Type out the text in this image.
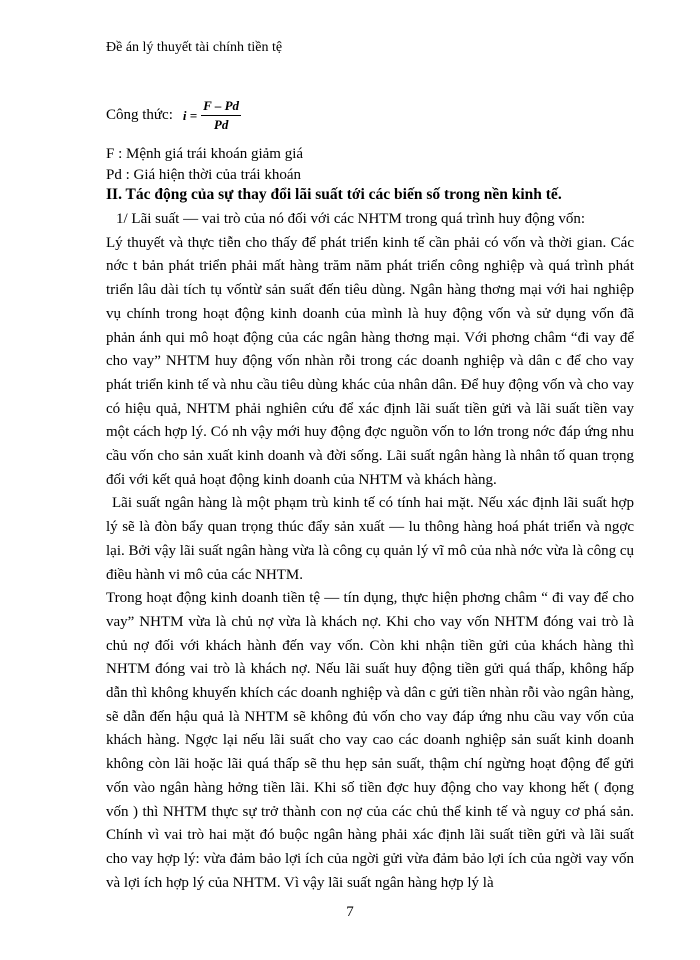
Đề án lý thuyết tài chính tiền tệ
Công thức: $i = \frac{F - Pd}{Pd}$
F : Mệnh giá trái khoán giảm giá
Pd : Giá hiện thời của trái khoán
II. Tác động của sự thay đổi lãi suất tới các biến số trong nền kinh tế.

1/ Lãi suất — vai trò của nó đối với các NHTM trong quá trình huy động vốn:

Lý thuyết và thực tiễn cho thấy để phát triển kinh tế cần phải có vốn và thời gian. Các nớc t bản phát triển phải mất hàng trăm năm phát triển công nghiệp và quá trình phát triển lâu dài tích tụ vốntừ sản suất đến tiêu dùng. Ngân hàng thơng mại với hai nghiệp vụ chính trong hoạt động kinh doanh của mình là huy động vốn và sử dụng vốn đã phản ánh qui mô hoạt động của các ngân hàng thơng mại. Với phơng châm “đi vay để cho vay” NHTM huy động vốn nhàn rỗi trong các doanh nghiệp và dân c để cho vay phát triển kinh tế và nhu cầu tiêu dùng khác của nhân dân. Để huy động vốn và cho vay có hiệu quả, NHTM phải nghiên cứu để xác định lãi suất tiền gửi và lãi suất tiền vay một cách hợp lý. Có nh vậy mới huy động đợc nguồn vốn to lớn trong nớc đáp ứng nhu cầu vốn cho sản xuất kinh doanh và đời sống. Lãi suất ngân hàng là nhân tố quan trọng đối với kết quả hoạt động kinh doanh của NHTM và khách hàng.

Lãi suất ngân hàng là một phạm trù kinh tế có tính hai mặt. Nếu xác định lãi suất hợp lý sẽ là đòn bẩy quan trọng thúc đẩy sản xuất — lu thông hàng hoá phát triển và ngợc lại. Bởi vậy lãi suất ngân hàng vừa là công cụ quản lý vĩ mô của nhà nớc vừa là công cụ điều hành vi mô của các NHTM.

Trong hoạt động kinh doanh tiền tệ — tín dụng, thực hiện phơng châm “ đi vay để cho vay” NHTM vừa là chủ nợ vừa là khách nợ. Khi cho vay vốn NHTM đóng vai trò là chủ nợ đối với khách hành đến vay vốn. Còn khi nhận tiền gửi của khách hàng thì NHTM đóng vai trò là khách nợ. Nếu lãi suất huy động tiền gửi quá thấp, không hấp dẫn thì không khuyến khích các doanh nghiệp và dân c gửi tiền nhàn rỗi vào ngân hàng, sẽ dẫn đến hậu quả là NHTM sẽ không đủ vốn cho vay đáp ứng nhu cầu vay vốn của khách hàng. Ngợc lại nếu lãi suất cho vay cao các doanh nghiệp sản suất kinh doanh không còn lãi hoặc lãi quá thấp sẽ thu hẹp sản suất, thậm chí ngừng hoạt động để gửi vốn vào ngân hàng hởng tiền lãi. Khi số tiền đợc huy động cho vay khong hết ( đọng vốn ) thì NHTM thực sự trở thành con nợ của các chủ thể kinh tế và nguy cơ phá sản. Chính vì vai trò hai mặt đó buộc ngân hàng phải xác định lãi suất tiền gửi và lãi suất cho vay hợp lý: vừa đảm bảo lợi ích của ngời gửi vừa đảm bảo lợi ích của ngời vay vốn và lợi ích hợp lý của NHTM. Vì vậy lãi suất ngân hàng hợp lý là

7
